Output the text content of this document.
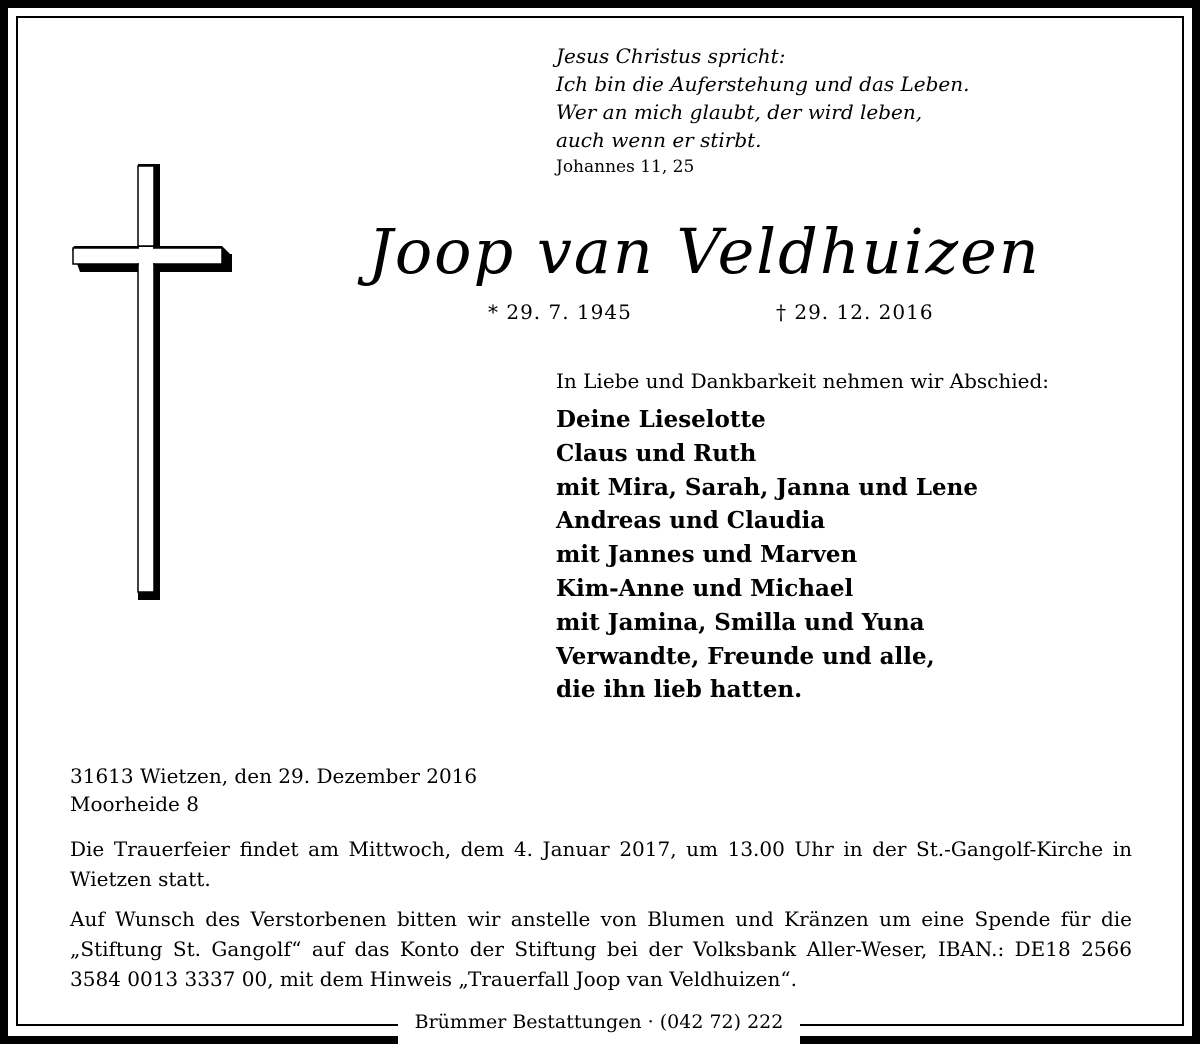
Jesus Christus spricht:
Ich bin die Auferstehung und das Leben.
Wer an mich glaubt, der wird leben,
auch wenn er stirbt.
Johannes 11, 25
Joop van Veldhuizen
* 29. 7. 1945	† 29. 12. 2016
In Liebe und Dankbarkeit nehmen wir Abschied:
Deine Lieselotte
Claus und Ruth
mit Mira, Sarah, Janna und Lene
Andreas und Claudia
mit Jannes und Marven
Kim-Anne und Michael
mit Jamina, Smilla und Yuna
Verwandte, Freunde und alle,
die ihn lieb hatten.
31613 Wietzen, den 29. Dezember 2016
Moorheide 8
Die Trauerfeier findet am Mittwoch, dem 4. Januar 2017, um 13.00 Uhr in der St.-Gangolf-Kirche in Wietzen statt.
Auf Wunsch des Verstorbenen bitten wir anstelle von Blumen und Kränzen um eine Spende für die „Stiftung St. Gangolf“ auf das Konto der Stiftung bei der Volksbank Aller-Weser, IBAN.: DE18 2566 3584 0013 3337 00, mit dem Hinweis „Trauerfall Joop van Veldhuizen“.
Brümmer Bestattungen · (042 72) 222
